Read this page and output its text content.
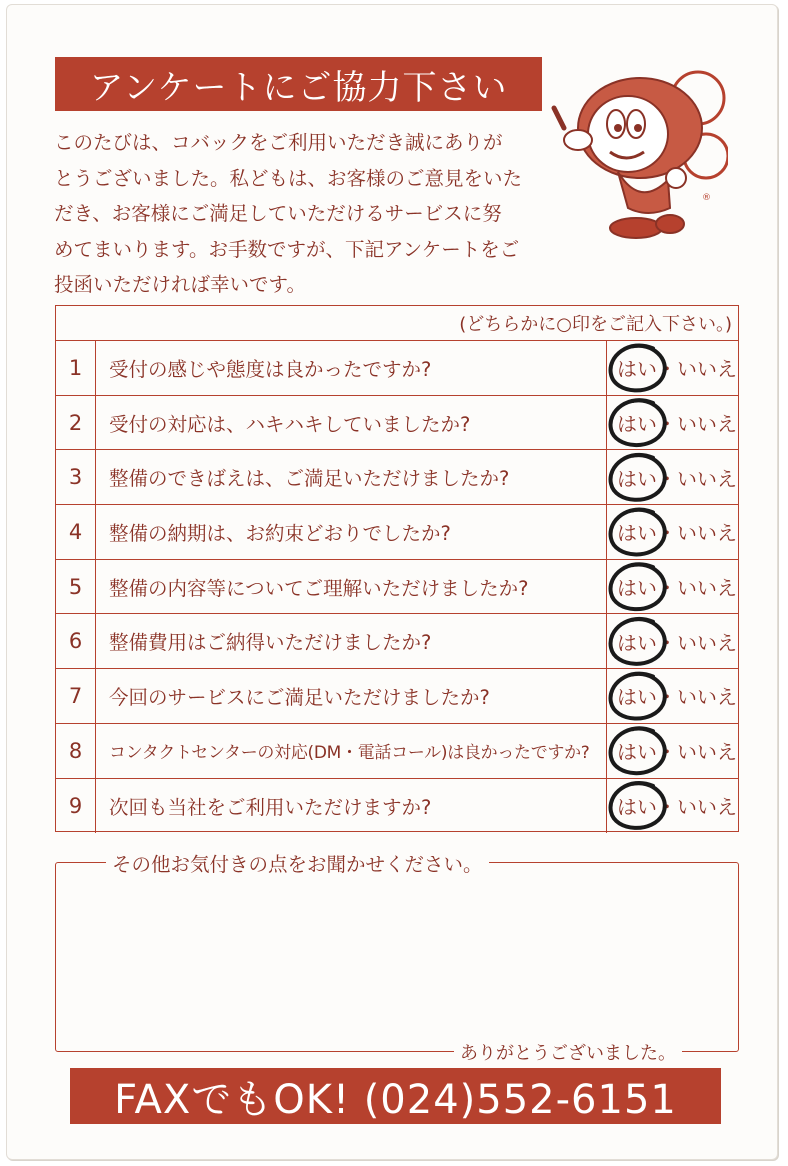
アンケートにご協力下さい
このたびは、コバックをご利用いただき誠にありが
とうございました。私どもは、お客様のご意見をいた
だき、お客様にご満足していただけるサービスに努
めてまいります。お手数ですが、下記アンケートをご
投函いただければ幸いです。
®
(どちらかに○印をご記入下さい。)
1	受付の感じや態度は良かったですか?	はい・いいえ
2	受付の対応は、ハキハキしていましたか?	はい・いいえ
3	整備のできばえは、ご満足いただけましたか?	はい・いいえ
4	整備の納期は、お約束どおりでしたか?	はい・いいえ
5	整備の内容等についてご理解いただけましたか?	はい・いいえ
6	整備費用はご納得いただけましたか?	はい・いいえ
7	今回のサービスにご満足いただけましたか?	はい・いいえ
8	コンタクトセンターの対応(DM・電話コール)は良かったですか?	はい・いいえ
9	次回も当社をご利用いただけますか?	はい・いいえ
その他お気付きの点をお聞かせください。
ありがとうございました。
FAXでもOK! (024)552-6151
